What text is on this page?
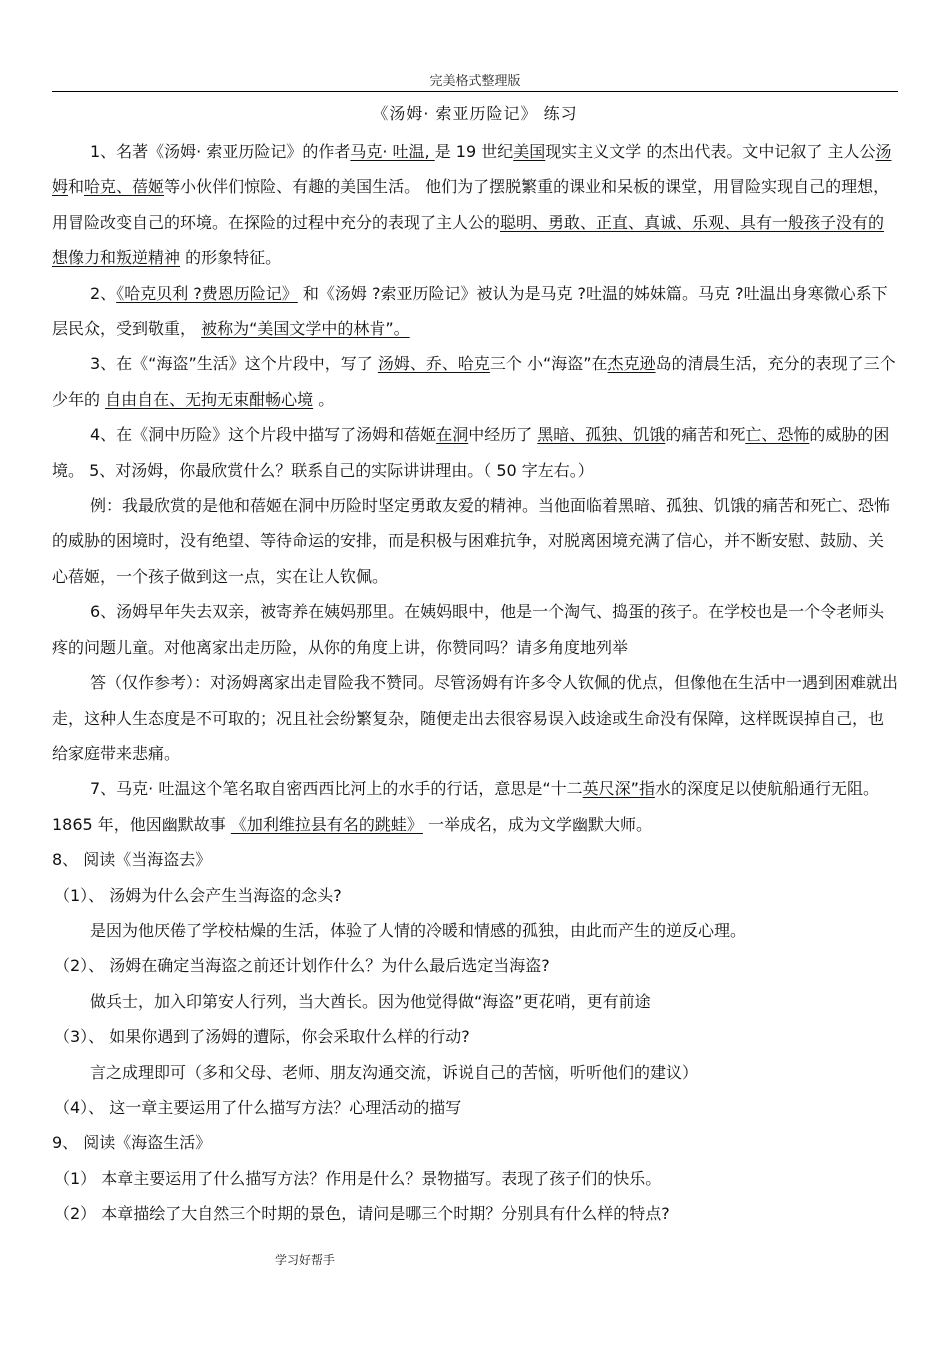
完美格式整理版
《汤姆· 索亚历险记》 练习

1、名著《汤姆· 索亚历险记》的作者马克· 吐温, 是 19 世纪美国现实主义文学 的杰出代表。文中记叙了 主人公汤姆和哈克、蓓姬等小伙伴们惊险、有趣的美国生活。 他们为了摆脱繁重的课业和呆板的课堂，用冒险实现自己的理想，用冒险改变自己的环境。在探险的过程中充分的表现了主人公的聪明、勇敢、正直、真诚、乐观、具有一般孩子没有的想像力和叛逆精神 的形象特征。

2、《哈克贝利 ?费恩历险记》 和《汤姆 ?索亚历险记》被认为是马克 ?吐温的姊妹篇。马克 ?吐温出身寒微心系下层民众，受到敬重， 被称为“美国文学中的林肯”。

3、在《“海盗”生活》这个片段中，写了 汤姆、乔、哈克三个 小“海盗”在杰克逊岛的清晨生活，充分的表现了三个少年的 自由自在、无拘无束酣畅心境 。

4、在《洞中历险》这个片段中描写了汤姆和蓓姬在洞中经历了 黑暗、孤独、饥饿的痛苦和死亡、恐怖的威胁的困境。 5、对汤姆，你最欣赏什么？联系自己的实际讲讲理由。（ 50 字左右。）

例：我最欣赏的是他和蓓姬在洞中历险时坚定勇敢友爱的精神。当他面临着黑暗、孤独、饥饿的痛苦和死亡、恐怖的威胁的困境时，没有绝望、等待命运的安排，而是积极与困难抗争，对脱离困境充满了信心，并不断安慰、鼓励、关心蓓姬，一个孩子做到这一点，实在让人钦佩。

6、汤姆早年失去双亲，被寄养在姨妈那里。在姨妈眼中，他是一个淘气、捣蛋的孩子。在学校也是一个令老师头疼的问题儿童。对他离家出走历险，从你的角度上讲，你赞同吗？请多角度地列举

答（仅作参考）：对汤姆离家出走冒险我不赞同。尽管汤姆有许多令人钦佩的优点，但像他在生活中一遇到困难就出走，这种人生态度是不可取的；况且社会纷繁复杂，随便走出去很容易误入歧途或生命没有保障，这样既误掉自己，也给家庭带来悲痛。

7、马克· 吐温这个笔名取自密西西比河上的水手的行话，意思是“十二英尺深”指水的深度足以使航船通行无阻。 1865 年，他因幽默故事 《加利维拉县有名的跳蛙》 一举成名，成为文学幽默大师。

8、 阅读《当海盗去》

（1）、 汤姆为什么会产生当海盗的念头?

是因为他厌倦了学校枯燥的生活，体验了人情的冷暖和情感的孤独，由此而产生的逆反心理。

（2）、 汤姆在确定当海盗之前还计划作什么？为什么最后选定当海盗?

做兵士，加入印第安人行列，当大酋长。因为他觉得做“海盗”更花哨，更有前途

（3）、 如果你遇到了汤姆的遭际，你会采取什么样的行动?

言之成理即可（多和父母、老师、朋友沟通交流，诉说自己的苦恼，听听他们的建议）

（4）、 这一章主要运用了什么描写方法？心理活动的描写

9、 阅读《海盗生活》

（1） 本章主要运用了什么描写方法？作用是什么？景物描写。表现了孩子们的快乐。

（2） 本章描绘了大自然三个时期的景色，请问是哪三个时期？分别具有什么样的特点?

学习好帮手
